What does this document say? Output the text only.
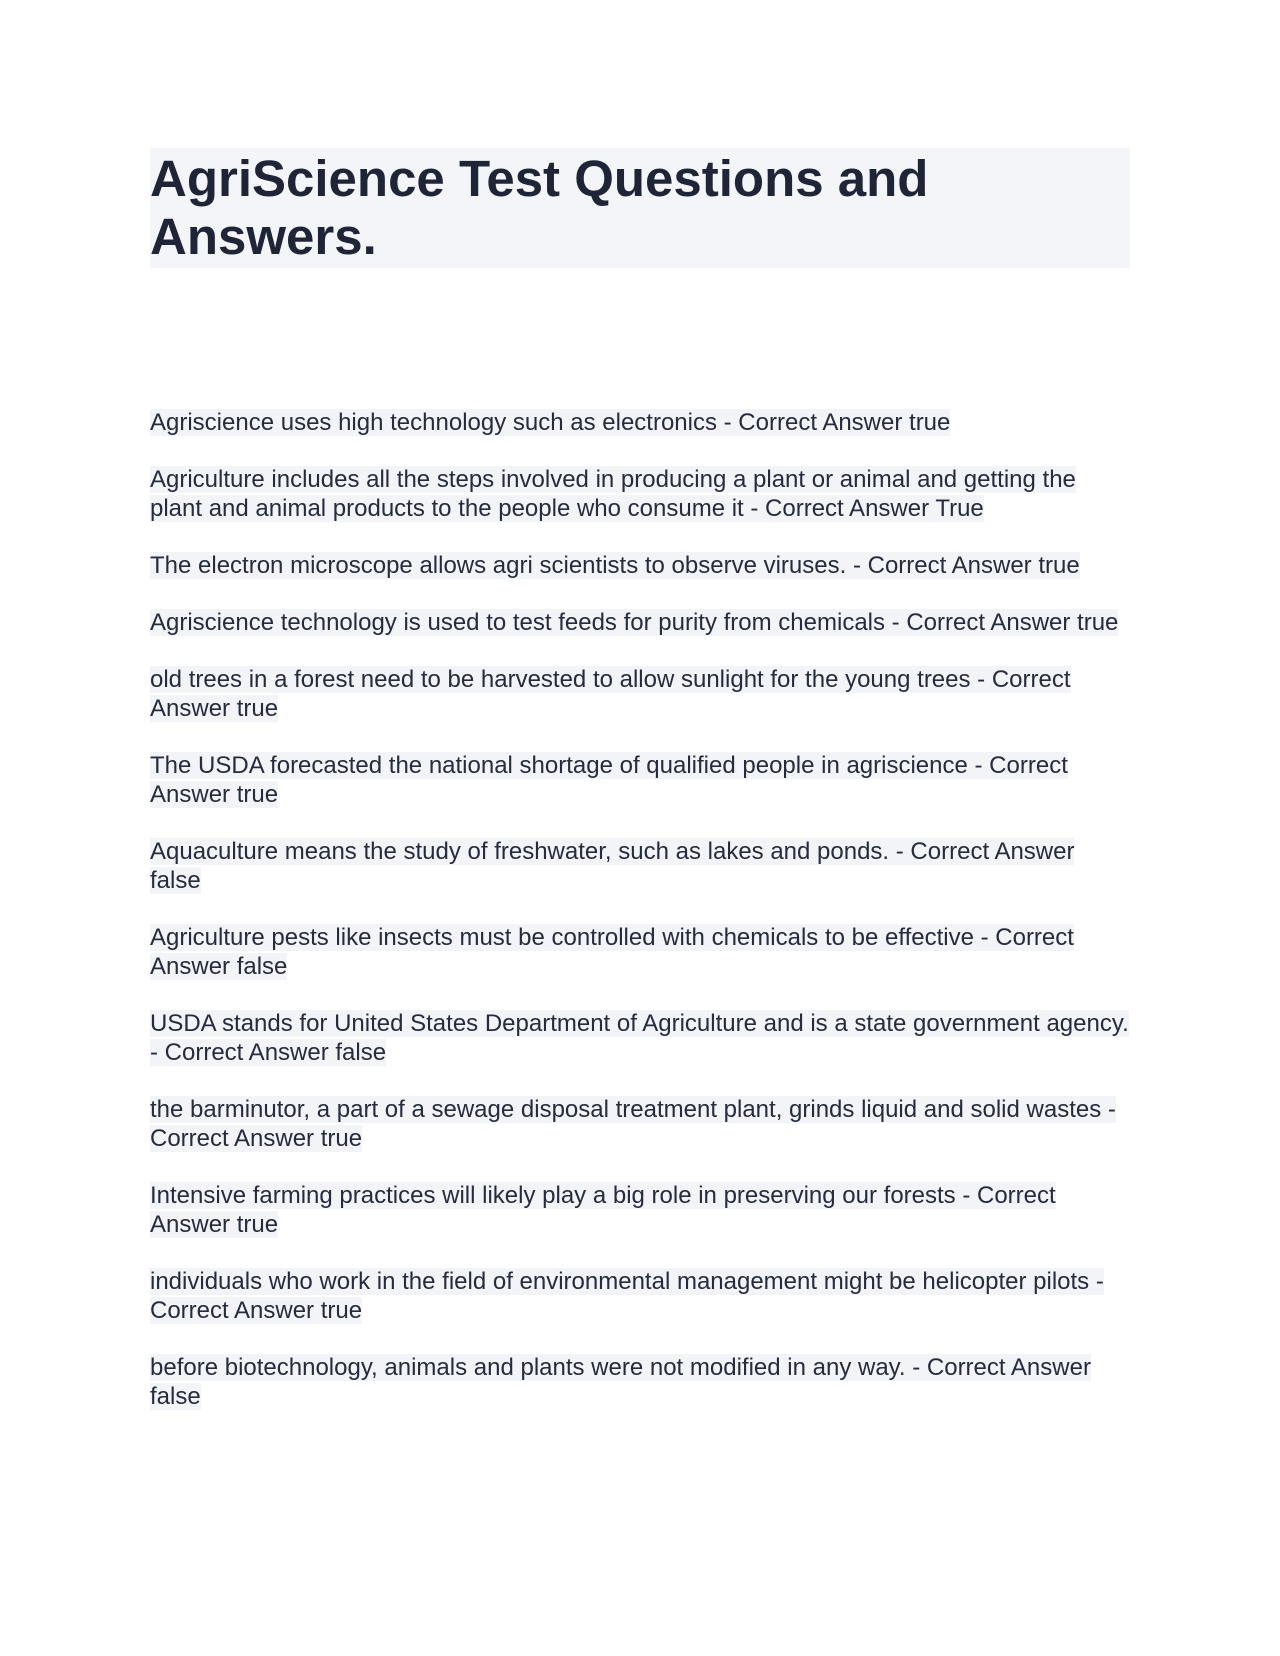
AgriScience Test Questions and Answers.
Agriscience uses high technology such as electronics - Correct Answer true
Agriculture includes all the steps involved in producing a plant or animal and getting the plant and animal products to the people who consume it - Correct Answer True
The electron microscope allows agri scientists to observe viruses. - Correct Answer true
Agriscience technology is used to test feeds for purity from chemicals - Correct Answer true
old trees in a forest need to be harvested to allow sunlight for the young trees - Correct Answer true
The USDA forecasted the national shortage of qualified people in agriscience - Correct Answer true
Aquaculture means the study of freshwater, such as lakes and ponds. - Correct Answer false
Agriculture pests like insects must be controlled with chemicals to be effective - Correct Answer false
USDA stands for United States Department of Agriculture and is a state government agency. - Correct Answer false
the barminutor, a part of a sewage disposal treatment plant, grinds liquid and solid wastes - Correct Answer true
Intensive farming practices will likely play a big role in preserving our forests - Correct Answer true
individuals who work in the field of environmental management might be helicopter pilots - Correct Answer true
before biotechnology, animals and plants were not modified in any way. - Correct Answer false
